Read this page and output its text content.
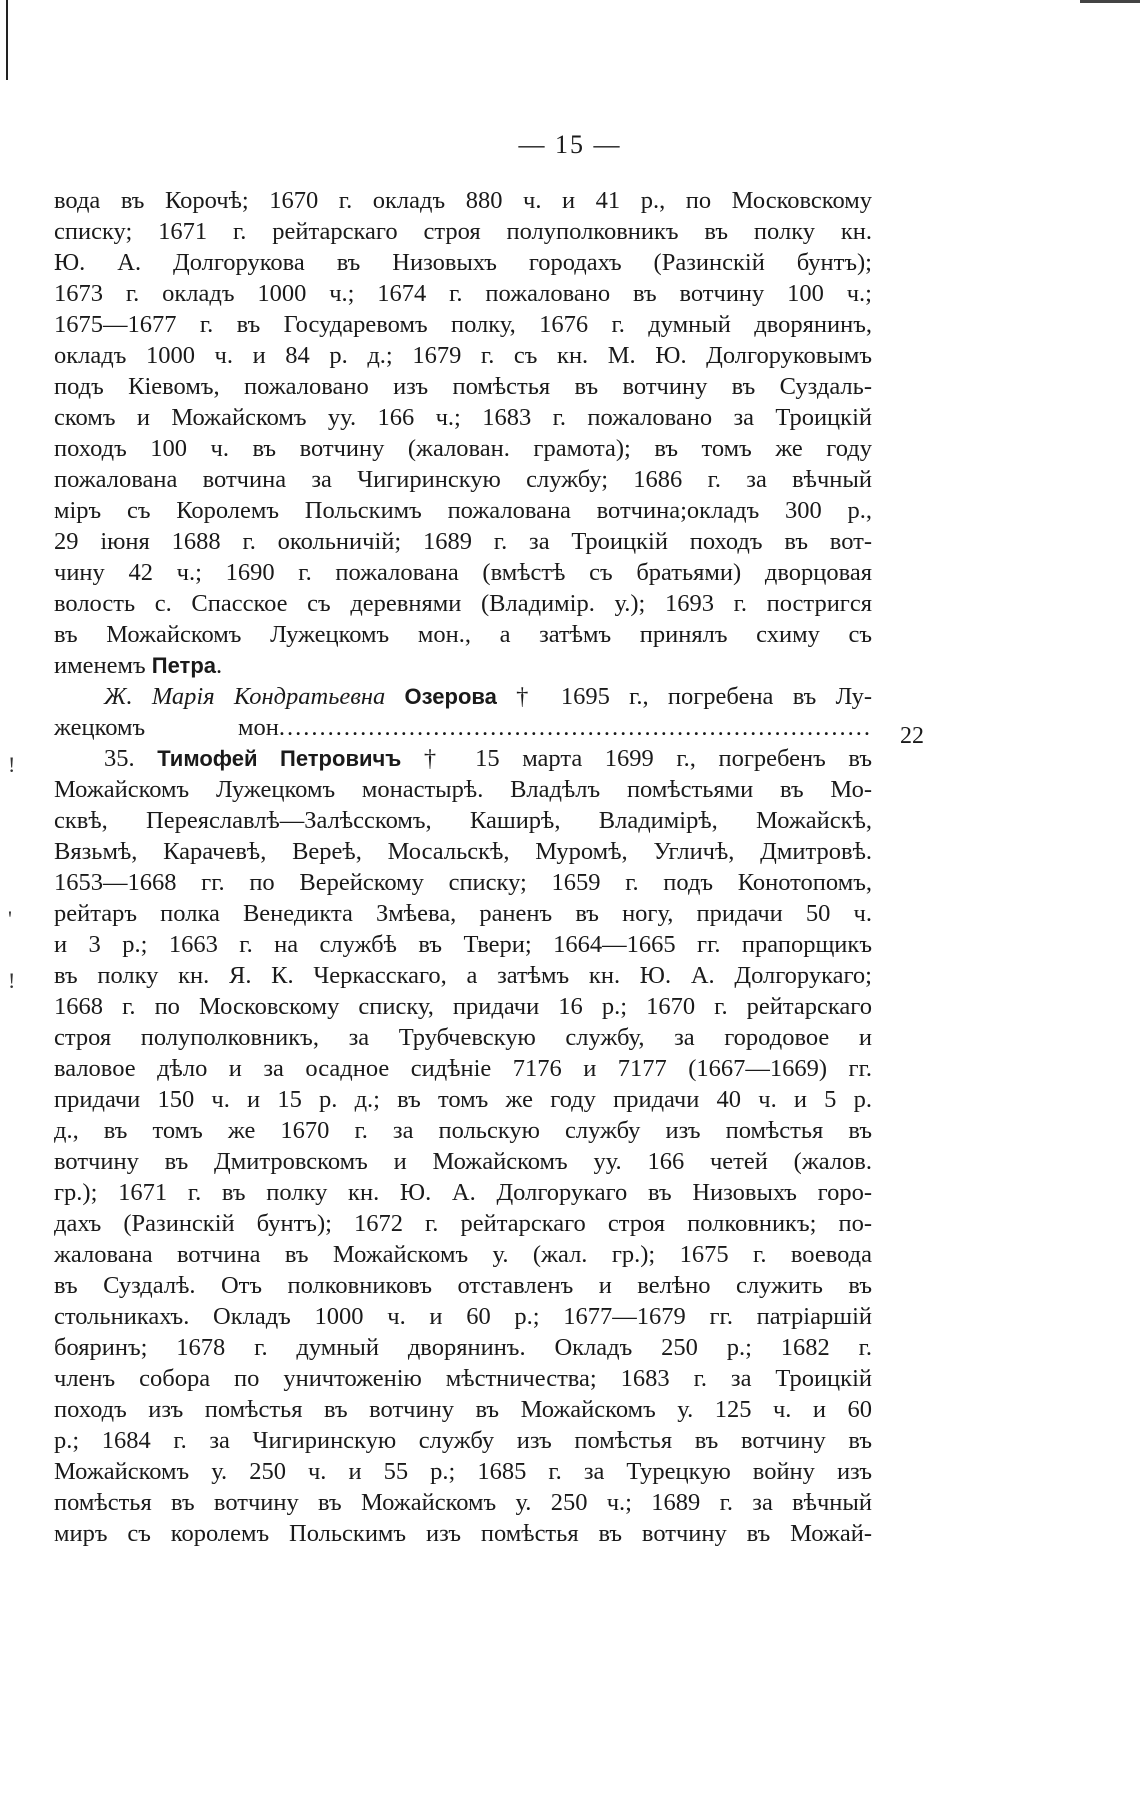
— 15 —
!
'
!
вода въ Корочѣ; 1670 г. окладъ 880 ч. и 41 р., по Московскому
списку; 1671 г. рейтарскаго строя полуполковникъ въ полку кн.
Ю. А. Долгорукова въ Низовыхъ городахъ (Разинскій бунтъ);
1673 г. окладъ 1000 ч.; 1674 г. пожаловано въ вотчину 100 ч.;
1675—1677 г. въ Государевомъ полку, 1676 г. думный дворянинъ,
окладъ 1000 ч. и 84 р. д.; 1679 г. съ кн. М. Ю. Долгоруковымъ
подъ Кіевомъ, пожаловано изъ помѣстья въ вотчину въ Суздаль-
скомъ и Можайскомъ уу. 166 ч.; 1683 г. пожаловано за Троицкій
походъ 100 ч. въ вотчину (жалован. грамота); въ томъ же году
пожалована вотчина за Чигиринскую службу; 1686 г. за вѣчный
міръ съ Королемъ Польскимъ пожалована вотчина;окладъ 300 р.,
29 іюня 1688 г. окольничій; 1689 г. за Троицкій походъ въ вот-
чину 42 ч.; 1690 г. пожалована (вмѣстѣ съ братьями) дворцовая
волость с. Спасское съ деревнями (Владимір. у.); 1693 г. постригся
въ Можайскомъ Лужецкомъ мон., а затѣмъ принялъ схиму съ
именемъ Петра.
Ж. Марія Кондратьевна Озерова † 1695 г., погребена въ Лу-
жецкомъ мон.........................................................................
35. Тимофей Петровичъ † 15 марта 1699 г., погребенъ въ
Можайскомъ Лужецкомъ монастырѣ. Владѣлъ помѣстьями въ Мо-
сквѣ, Переяславлѣ—Залѣсскомъ, Каширѣ, Владимірѣ, Можайскѣ,
Вязьмѣ, Карачевѣ, Вереѣ, Мосальскѣ, Муромѣ, Угличѣ, Дмитровѣ.
1653—1668 гг. по Верейскому списку; 1659 г. подъ Конотопомъ,
рейтаръ полка Венедикта Змѣева, раненъ въ ногу, придачи 50 ч.
и 3 р.; 1663 г. на службѣ въ Твери; 1664—1665 гг. прапорщикъ
въ полку кн. Я. К. Черкасскаго, а затѣмъ кн. Ю. А. Долгорукаго;
1668 г. по Московскому списку, придачи 16 р.; 1670 г. рейтарскаго
строя полуполковникъ, за Трубчевскую службу, за городовое и
валовое дѣло и за осадное сидѣніе 7176 и 7177 (1667—1669) гг.
придачи 150 ч. и 15 р. д.; въ томъ же году придачи 40 ч. и 5 р.
д., въ томъ же 1670 г. за польскую службу изъ помѣстья въ
вотчину въ Дмитровскомъ и Можайскомъ уу. 166 четей (жалов.
гр.); 1671 г. въ полку кн. Ю. А. Долгорукаго въ Низовыхъ горо-
дахъ (Разинскій бунтъ); 1672 г. рейтарскаго строя полковникъ; по-
жалована вотчина въ Можайскомъ у. (жал. гр.); 1675 г. воевода
въ Суздалѣ. Отъ полковниковъ отставленъ и велѣно служить въ
стольникахъ. Окладъ 1000 ч. и 60 р.; 1677—1679 гг. патріаршій
бояринъ; 1678 г. думный дворянинъ. Окладъ 250 р.; 1682 г.
членъ собора по уничтоженію мѣстничества; 1683 г. за Троицкій
походъ изъ помѣстья въ вотчину въ Можайскомъ у. 125 ч. и 60
р.; 1684 г. за Чигиринскую службу изъ помѣстья въ вотчину въ
Можайскомъ у. 250 ч. и 55 р.; 1685 г. за Турецкую войну изъ
помѣстья въ вотчину въ Можайскомъ у. 250 ч.; 1689 г. за вѣчный
миръ съ королемъ Польскимъ изъ помѣстья въ вотчину въ Можай-
22
